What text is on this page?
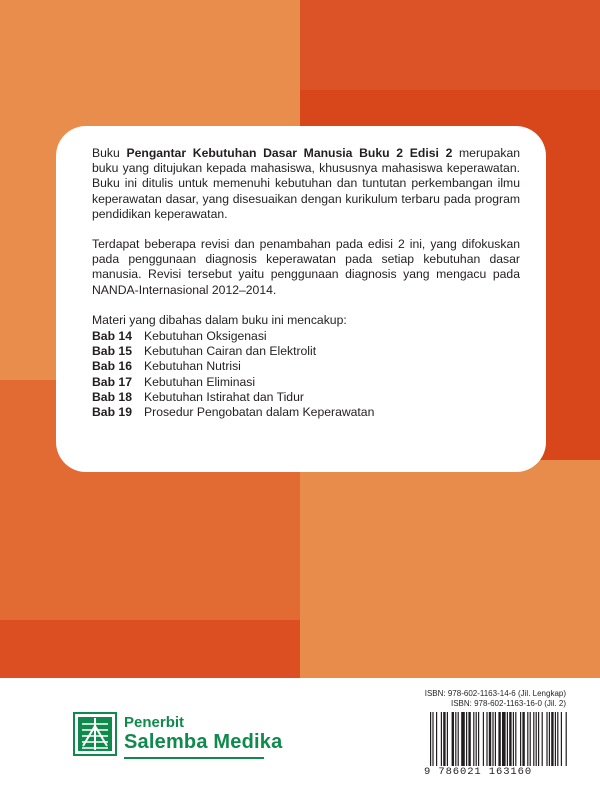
Buku Pengantar Kebutuhan Dasar Manusia Buku 2 Edisi 2 merupakan buku yang ditujukan kepada mahasiswa, khususnya mahasiswa keperawatan. Buku ini ditulis untuk memenuhi kebutuhan dan tuntutan perkembangan ilmu keperawatan dasar, yang disesuaikan dengan kurikulum terbaru pada program pendidikan keperawatan.

Terdapat beberapa revisi dan penambahan pada edisi 2 ini, yang difokuskan pada penggunaan diagnosis keperawatan pada setiap kebutuhan dasar manusia. Revisi tersebut yaitu penggunaan diagnosis yang mengacu pada NANDA-Internasional 2012–2014.

Materi yang dibahas dalam buku ini mencakup:

Bab 14 Kebutuhan Oksigenasi
Bab 15 Kebutuhan Cairan dan Elektrolit
Bab 16 Kebutuhan Nutrisi
Bab 17 Kebutuhan Eliminasi
Bab 18 Kebutuhan Istirahat dan Tidur
Bab 19 Prosedur Pengobatan dalam Keperawatan
Penerbit
Salemba Medika
ISBN: 978-602-1163-14-6 (Jil. Lengkap)
ISBN: 978-602-1163-16-0 (Jil. 2)
9 786021 163160
